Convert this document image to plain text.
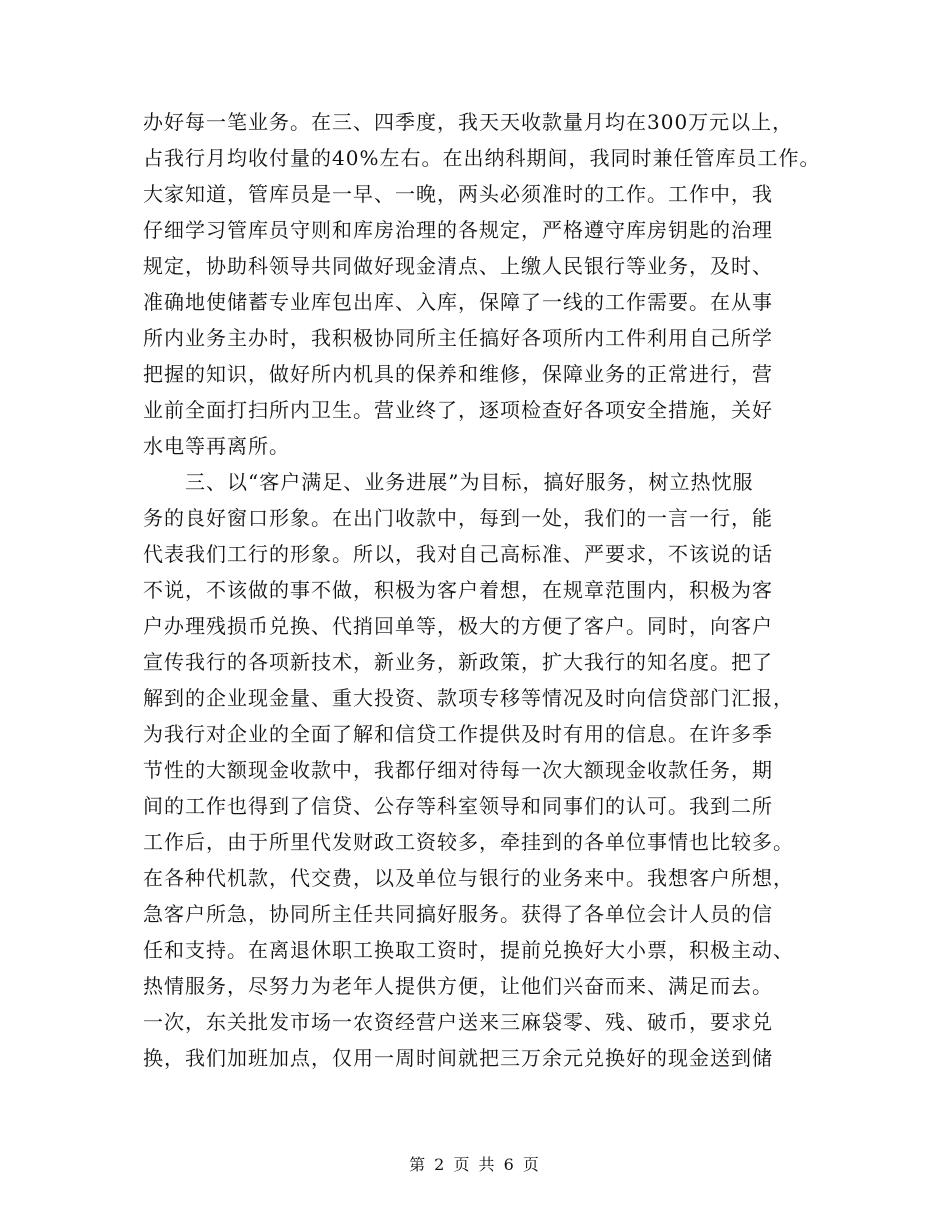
办好每一笔业务。在三、四季度，我天天收款量月均在300万元以上，
占我行月均收付量的40%左右。在出纳科期间，我同时兼任管库员工作。
大家知道，管库员是一早、一晚，两头必须准时的工作。工作中，我
仔细学习管库员守则和库房治理的各规定，严格遵守库房钥匙的治理
规定，协助科领导共同做好现金清点、上缴人民银行等业务，及时、
准确地使储蓄专业库包出库、入库，保障了一线的工作需要。在从事
所内业务主办时，我积极协同所主任搞好各项所内工件利用自己所学
把握的知识，做好所内机具的保养和维修，保障业务的正常进行，营
业前全面打扫所内卫生。营业终了，逐项检查好各项安全措施，关好
水电等再离所。
三、以“客户满足、业务进展”为目标，搞好服务，树立热忱服
务的良好窗口形象。在出门收款中，每到一处，我们的一言一行，能
代表我们工行的形象。所以，我对自己高标准、严要求，不该说的话
不说，不该做的事不做，积极为客户着想，在规章范围内，积极为客
户办理残损币兑换、代捎回单等，极大的方便了客户。同时，向客户
宣传我行的各项新技术，新业务，新政策，扩大我行的知名度。把了
解到的企业现金量、重大投资、款项专移等情况及时向信贷部门汇报，
为我行对企业的全面了解和信贷工作提供及时有用的信息。在许多季
节性的大额现金收款中，我都仔细对待每一次大额现金收款任务，期
间的工作也得到了信贷、公存等科室领导和同事们的认可。我到二所
工作后，由于所里代发财政工资较多，牵挂到的各单位事情也比较多。
在各种代机款，代交费，以及单位与银行的业务来中。我想客户所想，
急客户所急，协同所主任共同搞好服务。获得了各单位会计人员的信
任和支持。在离退休职工换取工资时，提前兑换好大小票，积极主动、
热情服务，尽努力为老年人提供方便，让他们兴奋而来、满足而去。
一次，东关批发市场一农资经营户送来三麻袋零、残、破币，要求兑
换，我们加班加点，仅用一周时间就把三万余元兑换好的现金送到储
第 2 页 共 6 页
